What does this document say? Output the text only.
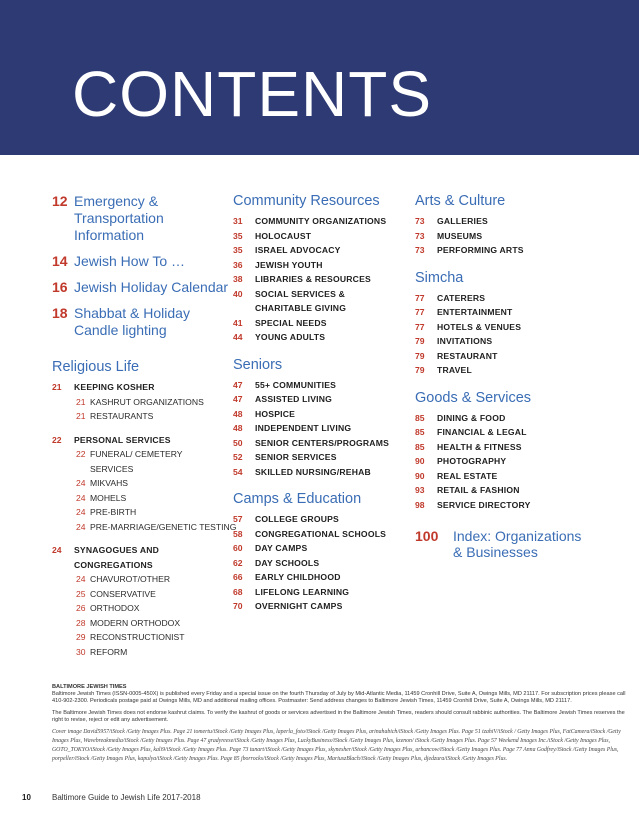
CONTENTS
12 Emergency & Transportation Information
14 Jewish How To …
16 Jewish Holiday Calendar
18 Shabbat & Holiday Candle lighting
Religious Life
21	KEEPING KOSHER
21 KASHRUT ORGANIZATIONS
21 RESTAURANTS
22	PERSONAL SERVICES
22 FUNERAL/ CEMETERY SERVICES
24 MIKVAHS
24 MOHELS
24 PRE-BIRTH
24 PRE-MARRIAGE/GENETIC TESTING
24	SYNAGOGUES AND CONGREGATIONS
24 CHAVUROT/OTHER
25 CONSERVATIVE
26 ORTHODOX
28 MODERN ORTHODOX
29 RECONSTRUCTIONIST
30 REFORM
Community Resources
31	COMMUNITY ORGANIZATIONS
35	HOLOCAUST
35	ISRAEL ADVOCACY
36	JEWISH YOUTH
38	LIBRARIES & RESOURCES
40	SOCIAL SERVICES & CHARITABLE GIVING
41	SPECIAL NEEDS
44	YOUNG ADULTS
Seniors
47	55+ COMMUNITIES
47	ASSISTED LIVING
48	HOSPICE
48	INDEPENDENT LIVING
50	SENIOR CENTERS/PROGRAMS
52	SENIOR SERVICES
54	SKILLED NURSING/REHAB
Camps & Education
57	COLLEGE GROUPS
58	CONGREGATIONAL SCHOOLS
60	DAY CAMPS
62	DAY SCHOOLS
66	EARLY CHILDHOOD
68	LIFELONG LEARNING
70	OVERNIGHT CAMPS
Arts & Culture
73	GALLERIES
73	MUSEUMS
73	PERFORMING ARTS
Simcha
77	CATERERS
77	ENTERTAINMENT
77	HOTELS & VENUES
79	INVITATIONS
79	RESTAURANT
79	TRAVEL
Goods & Services
85	DINING & FOOD
85	FINANCIAL & LEGAL
85	HEALTH & FITNESS
90	PHOTOGRAPHY
90	REAL ESTATE
93	RETAIL & FASHION
98	SERVICE DIRECTORY
100	Index: Organizations & Businesses

BALTIMORE JEWISH TIMES
Baltimore Jewish Times (ISSN-0005-450X) is published every Friday and a special issue on the fourth Thursday of July by Mid-Atlantic Media, 11459 Cronhill Drive, Suite A, Owings Mills, MD 21117. For subscription prices please call 410-902-2300. Periodicals postage paid at Owings Mills, MD and additional mailing offices. Postmaster: Send address changes to Baltimore Jewish Times, 11459 Cronhill Drive, Suite A, Owings Mills, MD 21117.

The Baltimore Jewish Times does not endorse kashrut claims. To verify the kashrut of goods or services advertised in the Baltimore Jewish Times, readers should consult rabbinic authorities. The Baltimore Jewish Times reserves the right to revise, reject or edit any advertisement.

Cover image David5957/iStock /Getty Images Plus. Page 21 tomertu/iStock /Getty Images Plus, laperla_foto/iStock /Getty Images Plus, arinahabich/iStock /Getty Images Plus. Page 51 tzahiV/iStock / Getty Images Plus, FatCamera/iStock /Getty Images Plus, Wavebreakmedia/iStock /Getty Images Plus. Page 47 gradyreese/iStock /Getty Images Plus, LuckyBusiness/iStock /Getty Images Plus, kzenon/ iStock /Getty Images Plus. Page 57 Weekend Images Inc./iStock /Getty Images Plus, GOTO_TOKYO/iStock /Getty Images Plus, kali9/iStock /Getty Images Plus. Page 73 tunart/iStock /Getty Images Plus, skynesher/iStock /Getty Images Plus, urbancow/iStock /Getty Images Plus. Page 77 Anna Godfrey/iStock /Getty Images Plus, porpeller/iStock /Getty Images Plus, kapulya/iStock /Getty Images Plus. Page 85 jborrocks/iStock /Getty Images Plus, MariuszBlach/iStock /Getty Images Plus, djedzura/iStock /Getty Images Plus.

10	Baltimore Guide to Jewish Life 2017-2018
